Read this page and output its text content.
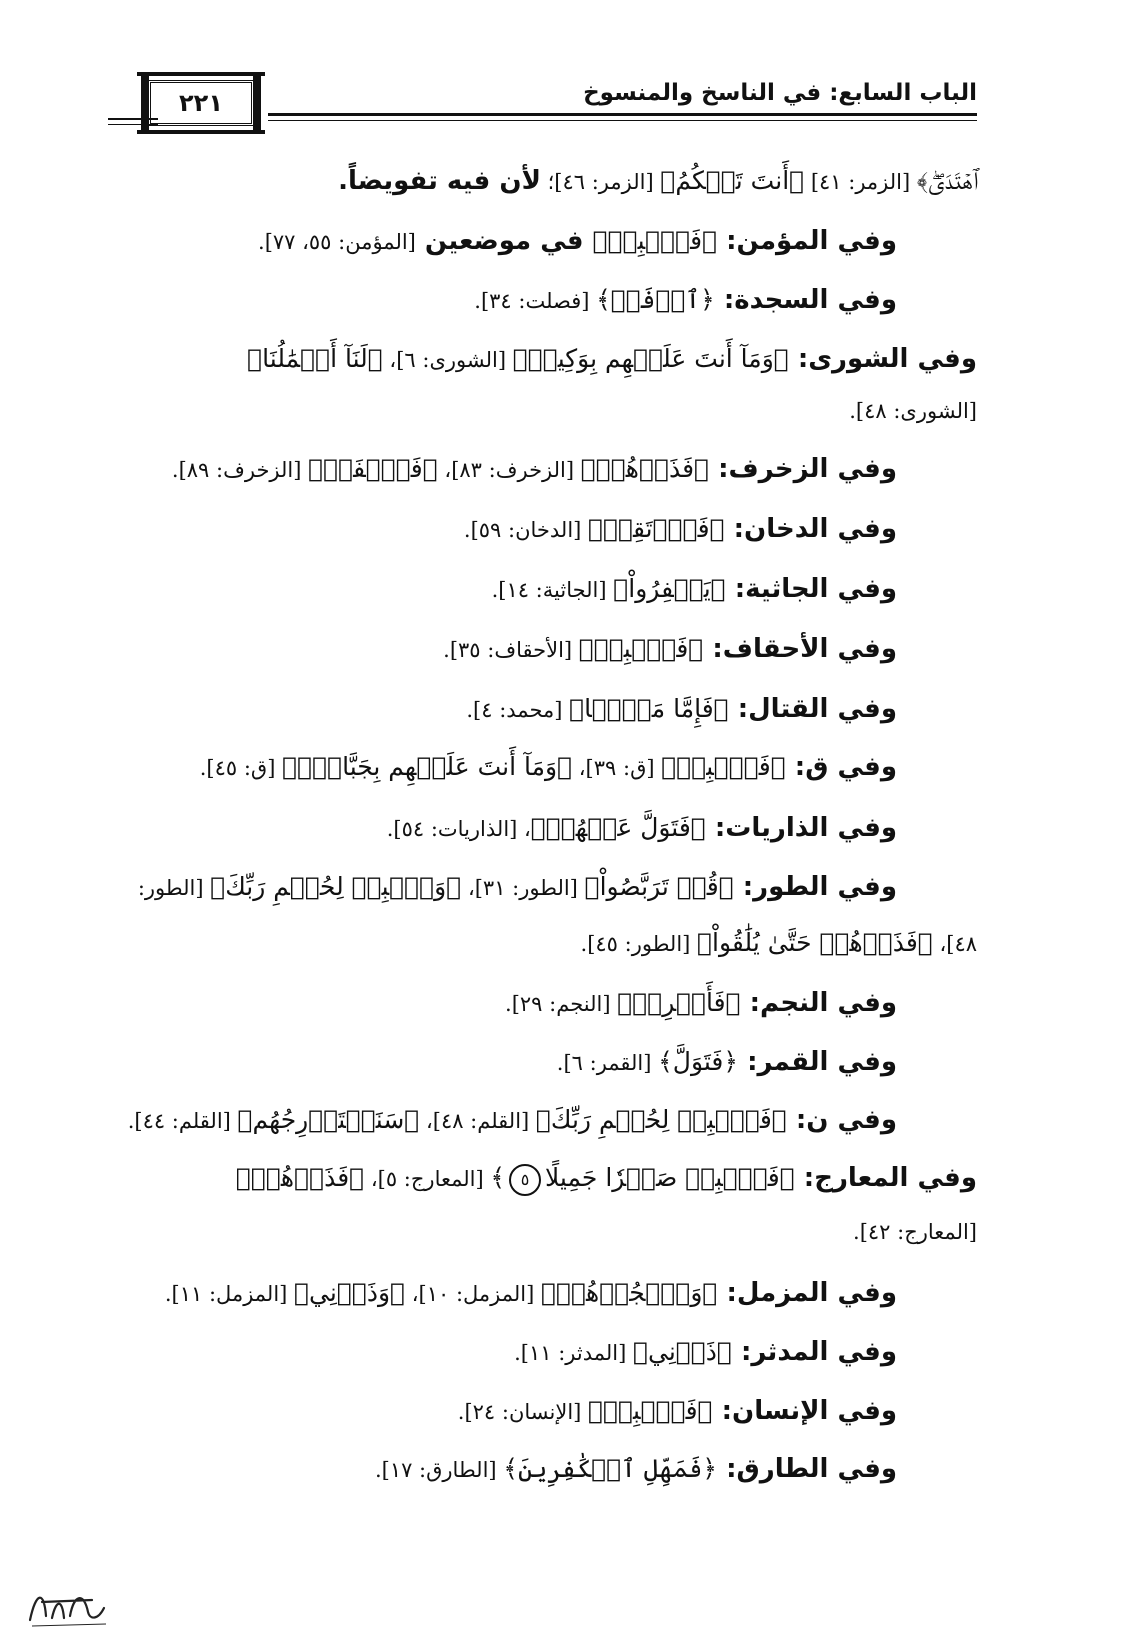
الباب السابع: في الناسخ والمنسوخ
٢٢١
ﭐﻫۡﺘَﺪَﻯٰۖ﴾ [الزمر: ٤١] ﴿أَنتَ تَحۡكُمُ﴾ [الزمر: ٤٦]؛ لأن فيه تفويضاً.
وفي المؤمن: ﴿فَٱصۡبِرۡ﴾ في موضعين [المؤمن: ٥٥، ٧٧].
وفي السجدة: ﴿ٱدۡفَعۡ﴾ [فصلت: ٣٤].
وفي الشورى: ﴿وَمَآ أَنتَ عَلَيۡهِم بِوَكِيلٖ﴾ [الشورى: ٦]، ﴿لَنَآ أَعۡمَٰلُنَا﴾
[الشورى: ٤٨].
وفي الزخرف: ﴿فَذَرۡهُمۡ﴾ [الزخرف: ٨٣]، ﴿فَٱصۡفَحۡ﴾ [الزخرف: ٨٩].
وفي الدخان: ﴿فَٱرۡتَقِبۡ﴾ [الدخان: ٥٩].
وفي الجاثية: ﴿يَغۡفِرُواْ﴾ [الجاثية: ١٤].
وفي الأحقاف: ﴿فَٱصۡبِرۡ﴾ [الأحقاف: ٣٥].
وفي القتال: ﴿فَإِمَّا مَنَّۢا﴾ [محمد: ٤].
وفي ق: ﴿فَٱصۡبِرۡ﴾ [ق: ٣٩]، ﴿وَمَآ أَنتَ عَلَيۡهِم بِجَبَّارٖۖ﴾ [ق: ٤٥].
وفي الذاريات: ﴿فَتَوَلَّ عَنۡهُمۡ﴾، [الذاريات: ٥٤].
وفي الطور: ﴿قُلۡ تَرَبَّصُواْ﴾ [الطور: ٣١]، ﴿وَٱصۡبِرۡ لِحُكۡمِ رَبِّكَ﴾ [الطور:
٤٨]، ﴿فَذَرۡهُمۡ حَتَّىٰ يُلَٰقُواْ﴾ [الطور: ٤٥].
وفي النجم: ﴿فَأَعۡرِضۡ﴾ [النجم: ٢٩].
وفي القمر: ﴿فَتَوَلَّ﴾ [القمر: ٦].
وفي ن: ﴿فَٱصۡبِرۡ لِحُكۡمِ رَبِّكَ﴾ [القلم: ٤٨]، ﴿سَنَسۡتَدۡرِجُهُم﴾ [القلم: ٤٤].
وفي المعارج: ﴿فَٱصۡبِرۡ صَبۡرٗا جَمِيلًا٥﴾ [المعارج: ٥]، ﴿فَذَرۡهُمۡ﴾
[المعارج: ٤٢].
وفي المزمل: ﴿وَٱهۡجُرۡهُمۡ﴾ [المزمل: ١٠]، ﴿وَذَرۡنِي﴾ [المزمل: ١١].
وفي المدثر: ﴿ذَرۡنِي﴾ [المدثر: ١١].
وفي الإنسان: ﴿فَٱصۡبِرۡ﴾ [الإنسان: ٢٤].
وفي الطارق: ﴿فَمَهِّلِ ٱلۡكَٰفِرِينَ﴾ [الطارق: ١٧].
